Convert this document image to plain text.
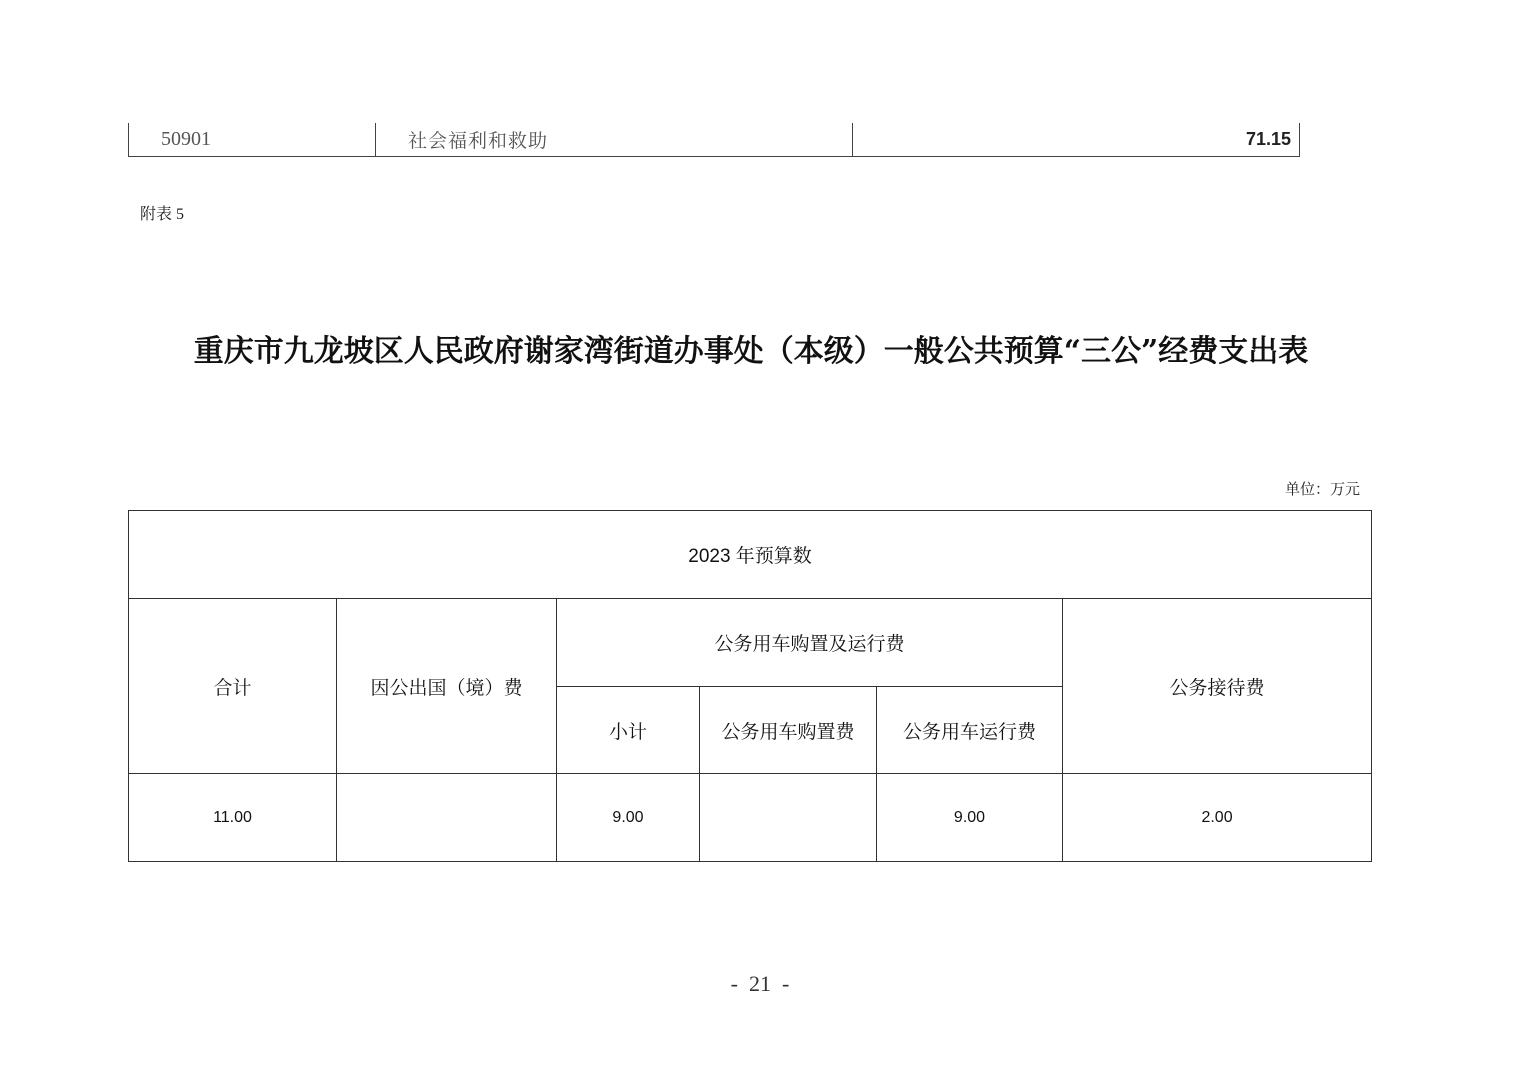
50901	社会福利和救助	71.15
附表 5
重庆市九龙坡区人民政府谢家湾街道办事处（本级）一般公共预算“三公”经费支出表
单位：万元
2023 年预算数					
合计	因公出国（境）费	公务用车购置及运行费			公务接待费
		小计	公务用车购置费	公务用车运行费	
11.00		9.00		9.00	2.00
-  21  -
